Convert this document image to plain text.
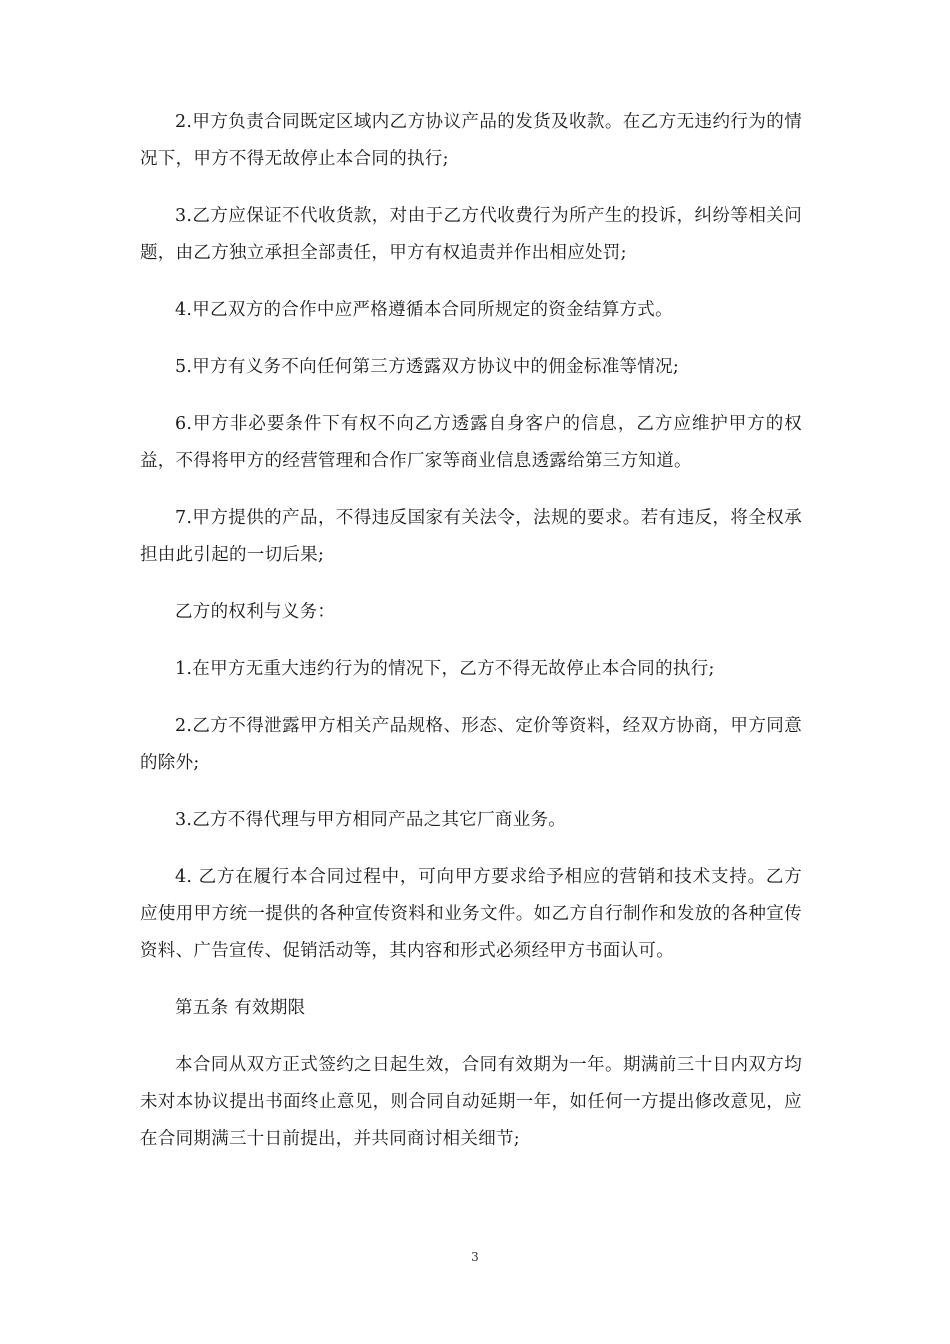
2.甲方负责合同既定区域内乙方协议产品的发货及收款。在乙方无违约行为的情况下，甲方不得无故停止本合同的执行;

3.乙方应保证不代收货款，对由于乙方代收费行为所产生的投诉，纠纷等相关问题，由乙方独立承担全部责任，甲方有权追责并作出相应处罚;

4.甲乙双方的合作中应严格遵循本合同所规定的资金结算方式。

5.甲方有义务不向任何第三方透露双方协议中的佣金标准等情况;

6.甲方非必要条件下有权不向乙方透露自身客户的信息，乙方应维护甲方的权益，不得将甲方的经营管理和合作厂家等商业信息透露给第三方知道。

7.甲方提供的产品，不得违反国家有关法令，法规的要求。若有违反，将全权承担由此引起的一切后果;

乙方的权利与义务：

1.在甲方无重大违约行为的情况下，乙方不得无故停止本合同的执行;

2.乙方不得泄露甲方相关产品规格、形态、定价等资料，经双方协商，甲方同意的除外;

3.乙方不得代理与甲方相同产品之其它厂商业务。

4. 乙方在履行本合同过程中，可向甲方要求给予相应的营销和技术支持。乙方应使用甲方统一提供的各种宣传资料和业务文件。如乙方自行制作和发放的各种宣传资料、广告宣传、促销活动等，其内容和形式必须经甲方书面认可。

第五条 有效期限

本合同从双方正式签约之日起生效，合同有效期为一年。期满前三十日内双方均未对本协议提出书面终止意见，则合同自动延期一年，如任何一方提出修改意见，应在合同期满三十日前提出，并共同商讨相关细节;

3
